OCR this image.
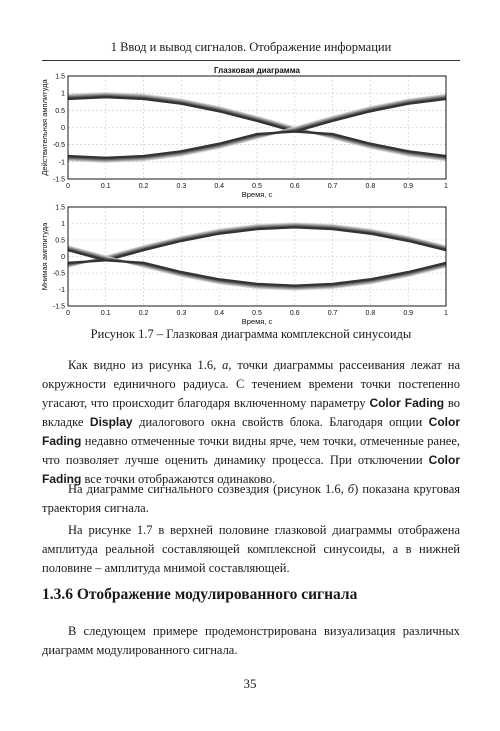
1 Ввод и вывод сигналов. Отображение информации
0	0.1	0.2	0.3	0.4	0.5	0.6	0.7	0.8	0.9	1
-1.5
-1
-0.5
0
0.5
1
1.5
Глазковая диаграмма
Время, с
Действительная амплитуда
0	0.1	0.2	0.3	0.4	0.5	0.6	0.7	0.8	0.9	1
-1.5
-1
-0.5
0
0.5
1
1.5
Время, с
Мнимая амплитуда
Рисунок 1.7 – Глазковая диаграмма комплексной синусоиды

Как видно из рисунка 1.6, а, точки диаграммы рассеивания лежат на окружности единичного радиуса. С течением времени точки постепенно угасают, что происходит благодаря включенному параметру Color Fading во вкладке Display диалогового окна свойств блока. Благодаря опции Color Fading недавно отмеченные точки видны ярче, чем точки, отмеченные ранее, что позволяет лучше оценить динамику процесса. При отключении Color Fading все точки отображаются одинаково.

На диаграмме сигнального созвездия (рисунок 1.6, б) показана круговая траектория сигнала.

На рисунке 1.7 в верхней половине глазковой диаграммы отображена амплитуда реальной составляющей комплексной синусоиды, а в нижней половине – амплитуда мнимой составляющей.

1.3.6 Отображение модулированного сигнала

В следующем примере продемонстрирована визуализация различных диаграмм модулированного сигнала.

35
